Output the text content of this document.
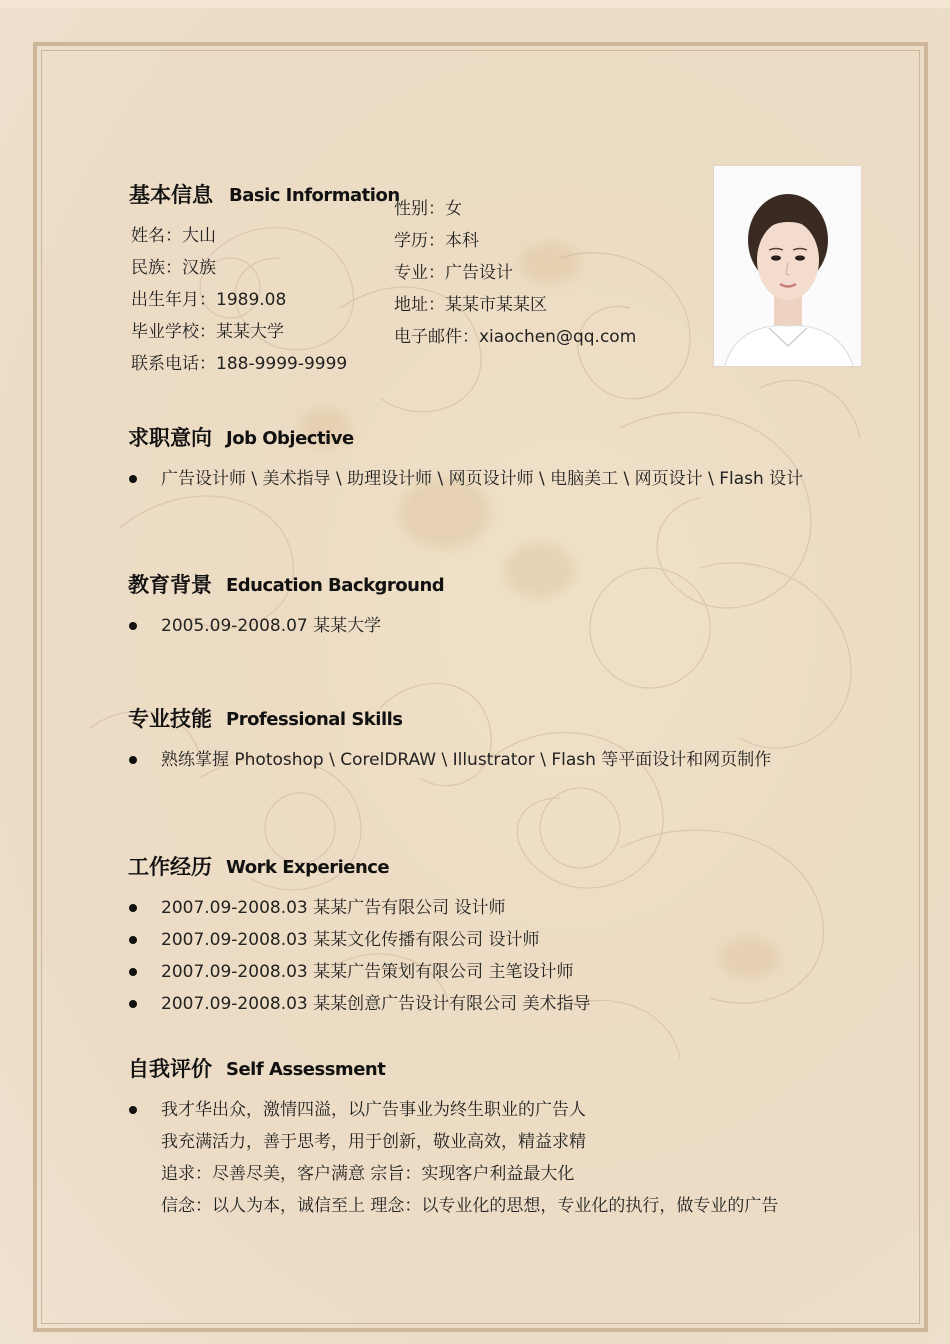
基本信息 Basic Information
姓名：大山
民族：汉族
出生年月：1989.08
毕业学校：某某大学
联系电话：188-9999-9999
性别：女
学历：本科
专业：广告设计
地址：某某市某某区
电子邮件：xiaochen@qq.com
求职意向 Job Objective
广告设计师 \ 美术指导 \ 助理设计师 \ 网页设计师 \ 电脑美工 \ 网页设计 \ Flash 设计
教育背景 Education Background
2005.09-2008.07 某某大学
专业技能 Professional Skills
熟练掌握 Photoshop \ CorelDRAW \ Illustrator \ Flash 等平面设计和网页制作
工作经历 Work Experience
2007.09-2008.03 某某广告有限公司 设计师
2007.09-2008.03 某某文化传播有限公司 设计师
2007.09-2008.03 某某广告策划有限公司 主笔设计师
2007.09-2008.03 某某创意广告设计有限公司 美术指导
自我评价 Self Assessment
我才华出众，激情四溢，以广告事业为终生职业的广告人
我充满活力，善于思考，用于创新，敬业高效，精益求精
追求：尽善尽美，客户满意 宗旨：实现客户利益最大化
信念：以人为本，诚信至上 理念：以专业化的思想，专业化的执行，做专业的广告
